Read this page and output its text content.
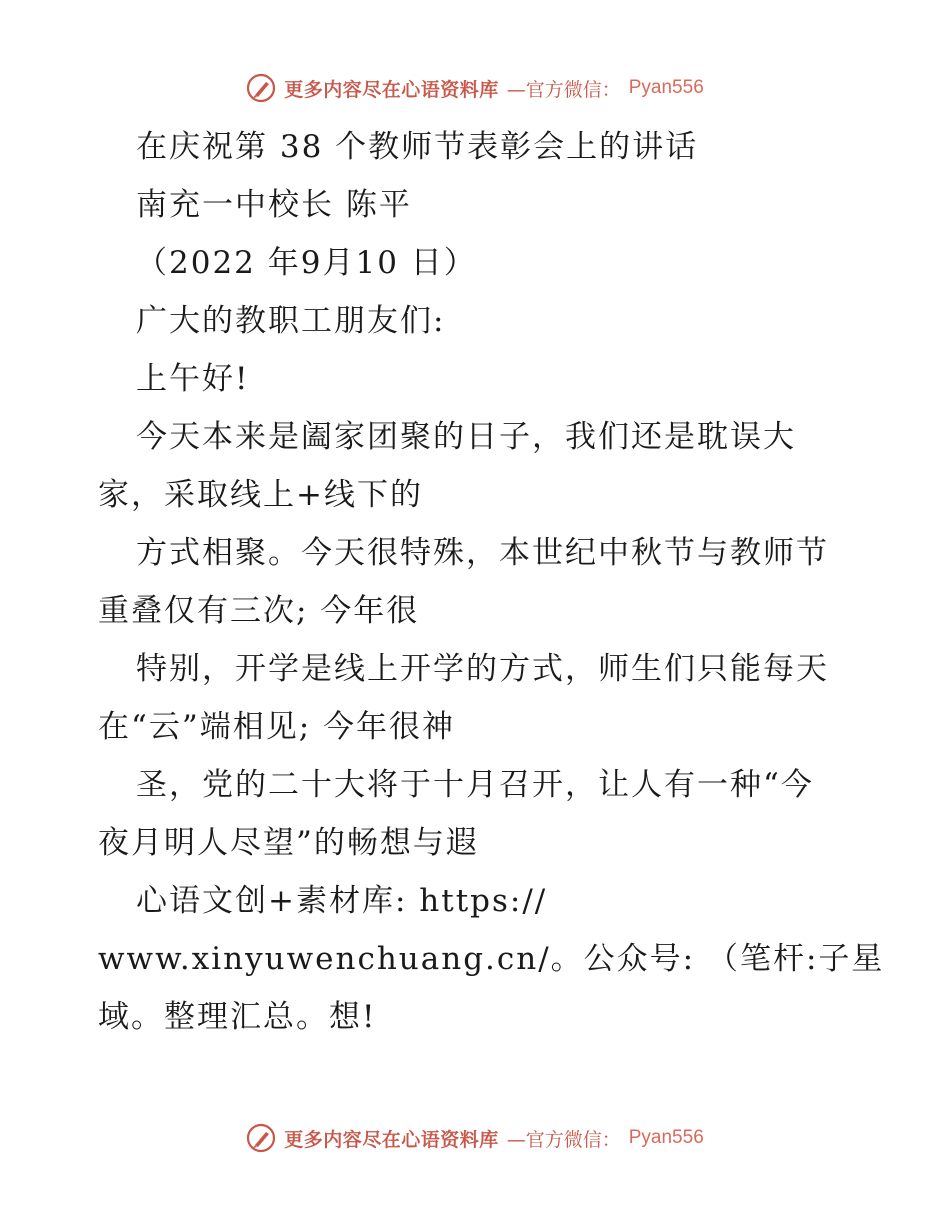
更多内容尽在心语资料库 —官方微信： Pyan556

在庆祝第 38 个教师节表彰会上的讲话

南充一中校长 陈平

（2022 年9月10 日）

广大的教职工朋友们:

上午好!

今天本来是阖家团聚的日子，我们还是耽误大

家，采取线上+线下的

方式相聚。今天很特殊，本世纪中秋节与教师节

重叠仅有三次; 今年很

特别，开学是线上开学的方式，师生们只能每天

在“云”端相见; 今年很神

圣，党的二十大将于十月召开，让人有一种“今

夜月明人尽望”的畅想与遐

心语文创+素材库: https://

www.xinyuwenchuang.cn/。公众号: （笔杆:子星

域。整理汇总。想!

更多内容尽在心语资料库 —官方微信： Pyan556
